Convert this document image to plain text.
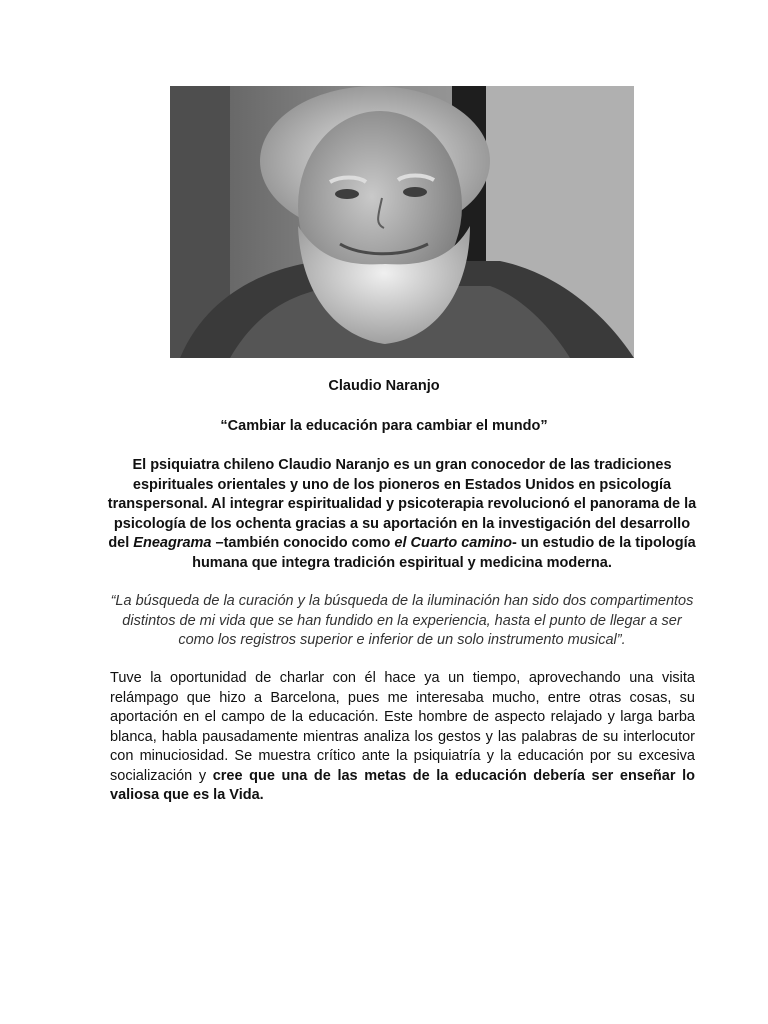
Claudio Naranjo
“Cambiar la educación para cambiar el mundo”
El psiquiatra chileno Claudio Naranjo es un gran conocedor de las tradiciones espirituales orientales y uno de los pioneros en Estados Unidos en psicología transpersonal. Al integrar espiritualidad y psicoterapia revolucionó el panorama de la psicología de los ochenta gracias a su aportación en la investigación del desarrollo del Eneagrama –también conocido como el Cuarto camino- un estudio de la tipología humana que integra tradición espiritual y medicina moderna.
“La búsqueda de la curación y la búsqueda de la iluminación han sido dos compartimentos distintos de mi vida que se han fundido en la experiencia, hasta el punto de llegar a ser como los registros superior e inferior de un solo instrumento musical”.
Tuve la oportunidad de charlar con él hace ya un tiempo, aprovechando una visita relámpago que hizo a Barcelona, pues me interesaba mucho, entre otras cosas, su aportación en el campo de la educación. Este hombre de aspecto relajado y larga barba blanca, habla pausadamente mientras analiza los gestos y las palabras de su interlocutor con minuciosidad. Se muestra crítico ante la psiquiatría y la educación por su excesiva socialización y cree que una de las metas de la educación debería ser enseñar lo valiosa que es la Vida.
